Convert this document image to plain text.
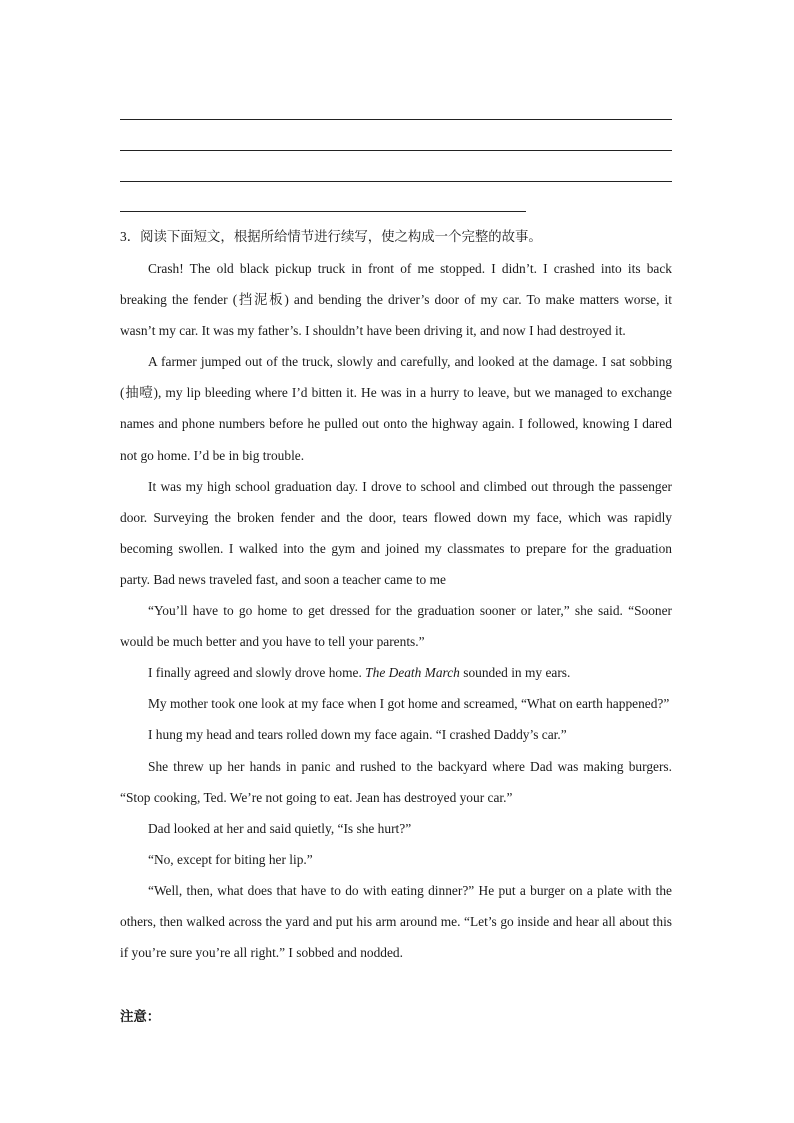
3．阅读下面短文，根据所给情节进行续写，使之构成一个完整的故事。

Crash! The old black pickup truck in front of me stopped. I didn’t. I crashed into its back breaking the fender (挡泥板) and bending the driver’s door of my car. To make matters worse, it wasn’t my car. It was my father’s. I shouldn’t have been driving it, and now I had destroyed it.

A farmer jumped out of the truck, slowly and carefully, and looked at the damage. I sat sobbing (抽噎), my lip bleeding where I’d bitten it. He was in a hurry to leave, but we managed to exchange names and phone numbers before he pulled out onto the highway again. I followed, knowing I dared not go home. I’d be in big trouble.

It was my high school graduation day. I drove to school and climbed out through the passenger door. Surveying the broken fender and the door, tears flowed down my face, which was rapidly becoming swollen. I walked into the gym and joined my classmates to prepare for the graduation party. Bad news traveled fast, and soon a teacher came to me

“You’ll have to go home to get dressed for the graduation sooner or later,” she said. “Sooner would be much better and you have to tell your parents.”

I finally agreed and slowly drove home. The Death March sounded in my ears.

My mother took one look at my face when I got home and screamed, “What on earth happened?”

I hung my head and tears rolled down my face again. “I crashed Daddy’s car.”

She threw up her hands in panic and rushed to the backyard where Dad was making burgers. “Stop cooking, Ted. We’re not going to eat. Jean has destroyed your car.”

Dad looked at her and said quietly, “Is she hurt?”

“No, except for biting her lip.”

“Well, then, what does that have to do with eating dinner?” He put a burger on a plate with the others, then walked across the yard and put his arm around me. “Let’s go inside and hear all about this if you’re sure you’re all right.” I sobbed and nodded.

注意：
